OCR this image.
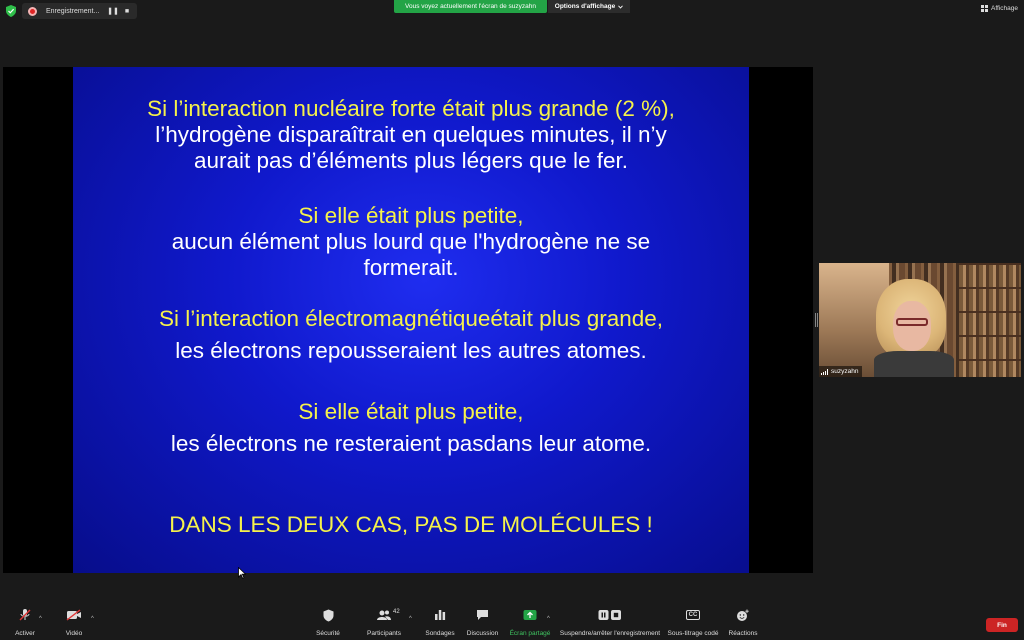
Enregistrement...	❚❚ ■
Vous voyez actuellement l'écran de suzyzahn	Options d'affichage	Affichage
Si l’interaction nucléaire forte était plus grande (2 %),
l’hydrogène disparaîtrait en quelques minutes, il n’y
aurait pas d’éléments plus légers que le fer.
Si elle était plus petite,
aucun élément plus lourd que l'hydrogène ne se
formerait.
Si l’interaction électromagnétiqueétait plus grande,
les électrons repousseraient les autres atomes.
Si elle était plus petite,
les électrons ne resteraient pasdans leur atome.
DANS LES DEUX CAS, PAS DE MOLÉCULES !
suzyzahn
Activer
^
Vidéo
^
Sécurité	Participants
42
^
Sondages Discussion Écran partagé
^
Suspendre/arrêter l'enregistrement
CC
Sous-titrage codé Réactions
Fin
